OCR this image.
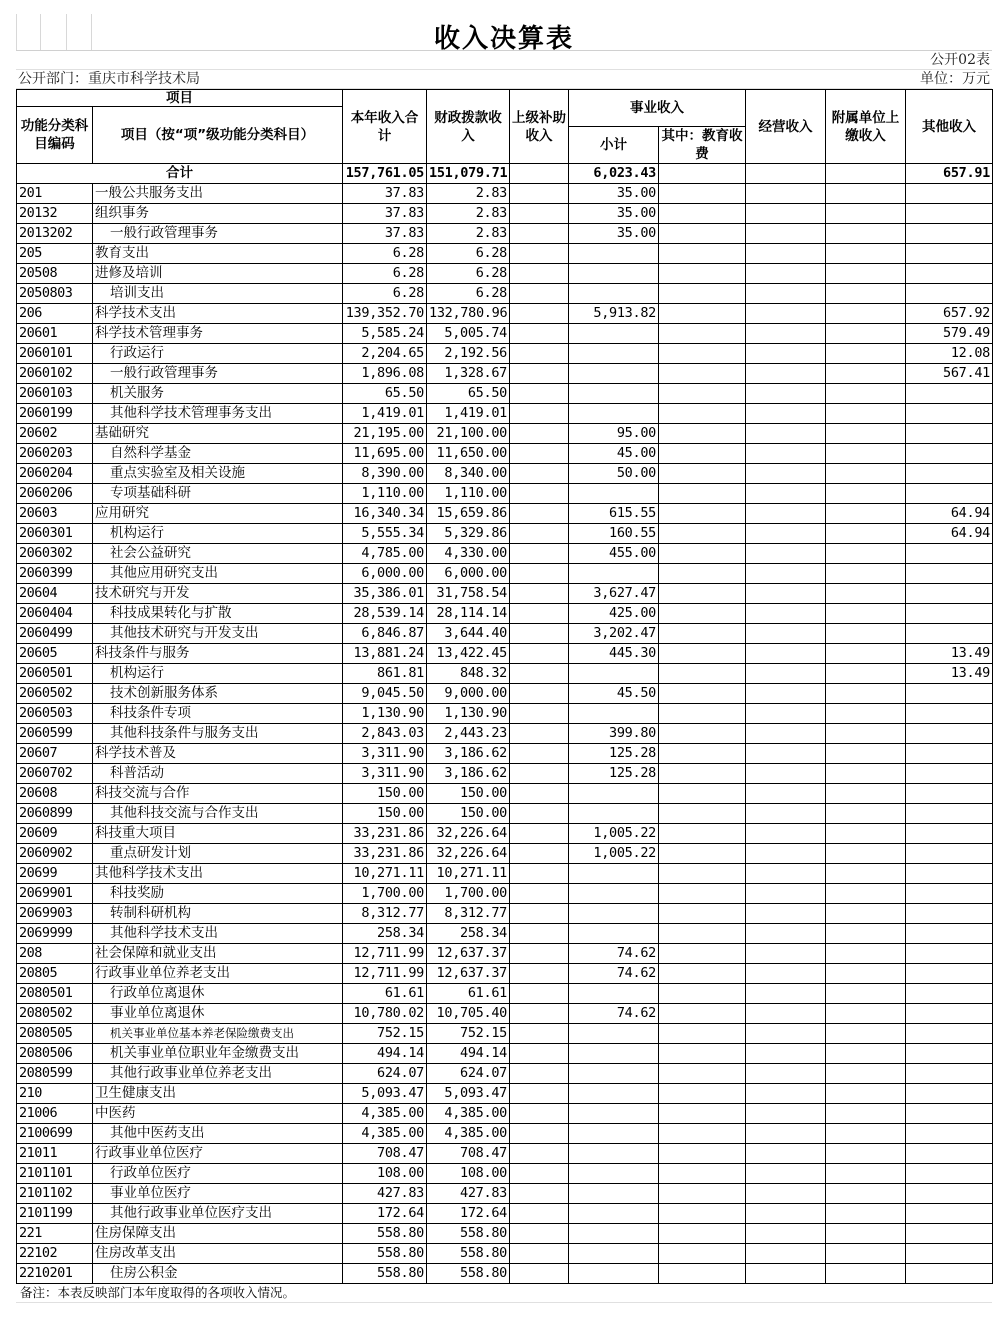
收入决算表
公开02表
公开部门：重庆市科学技术局	单位：万元
项目		本年收入合计	财政拨款收入	上级补助收入	事业收入		经营收入	附属单位上缴收入	其他收入
功能分类科目编码	项目（按“项”级功能分类科目）								
					小计	其中：教育收费			
合计		157,761.05	151,079.71		6,023.43				657.91
201	一般公共服务支出	37.83	2.83		35.00				
20132	组织事务	37.83	2.83		35.00				
2013202	一般行政管理事务	37.83	2.83		35.00				
205	教育支出	6.28	6.28						
20508	进修及培训	6.28	6.28						
2050803	培训支出	6.28	6.28						
206	科学技术支出	139,352.70	132,780.96		5,913.82				657.92
20601	科学技术管理事务	5,585.24	5,005.74						579.49
2060101	行政运行	2,204.65	2,192.56						12.08
2060102	一般行政管理事务	1,896.08	1,328.67						567.41
2060103	机关服务	65.50	65.50						
2060199	其他科学技术管理事务支出	1,419.01	1,419.01						
20602	基础研究	21,195.00	21,100.00		95.00				
2060203	自然科学基金	11,695.00	11,650.00		45.00				
2060204	重点实验室及相关设施	8,390.00	8,340.00		50.00				
2060206	专项基础科研	1,110.00	1,110.00						
20603	应用研究	16,340.34	15,659.86		615.55				64.94
2060301	机构运行	5,555.34	5,329.86		160.55				64.94
2060302	社会公益研究	4,785.00	4,330.00		455.00				
2060399	其他应用研究支出	6,000.00	6,000.00						
20604	技术研究与开发	35,386.01	31,758.54		3,627.47				
2060404	科技成果转化与扩散	28,539.14	28,114.14		425.00				
2060499	其他技术研究与开发支出	6,846.87	3,644.40		3,202.47				
20605	科技条件与服务	13,881.24	13,422.45		445.30				13.49
2060501	机构运行	861.81	848.32						13.49
2060502	技术创新服务体系	9,045.50	9,000.00		45.50				
2060503	科技条件专项	1,130.90	1,130.90						
2060599	其他科技条件与服务支出	2,843.03	2,443.23		399.80				
20607	科学技术普及	3,311.90	3,186.62		125.28				
2060702	科普活动	3,311.90	3,186.62		125.28				
20608	科技交流与合作	150.00	150.00						
2060899	其他科技交流与合作支出	150.00	150.00						
20609	科技重大项目	33,231.86	32,226.64		1,005.22				
2060902	重点研发计划	33,231.86	32,226.64		1,005.22				
20699	其他科学技术支出	10,271.11	10,271.11						
2069901	科技奖励	1,700.00	1,700.00						
2069903	转制科研机构	8,312.77	8,312.77						
2069999	其他科学技术支出	258.34	258.34						
208	社会保障和就业支出	12,711.99	12,637.37		74.62				
20805	行政事业单位养老支出	12,711.99	12,637.37		74.62				
2080501	行政单位离退休	61.61	61.61						
2080502	事业单位离退休	10,780.02	10,705.40		74.62				
2080505	机关事业单位基本养老保险缴费支出	752.15	752.15						
2080506	机关事业单位职业年金缴费支出	494.14	494.14						
2080599	其他行政事业单位养老支出	624.07	624.07						
210	卫生健康支出	5,093.47	5,093.47						
21006	中医药	4,385.00	4,385.00						
2100699	其他中医药支出	4,385.00	4,385.00						
21011	行政事业单位医疗	708.47	708.47						
2101101	行政单位医疗	108.00	108.00						
2101102	事业单位医疗	427.83	427.83						
2101199	其他行政事业单位医疗支出	172.64	172.64						
221	住房保障支出	558.80	558.80						
22102	住房改革支出	558.80	558.80						
2210201	住房公积金	558.80	558.80						
备注：本表反映部门本年度取得的各项收入情况。
